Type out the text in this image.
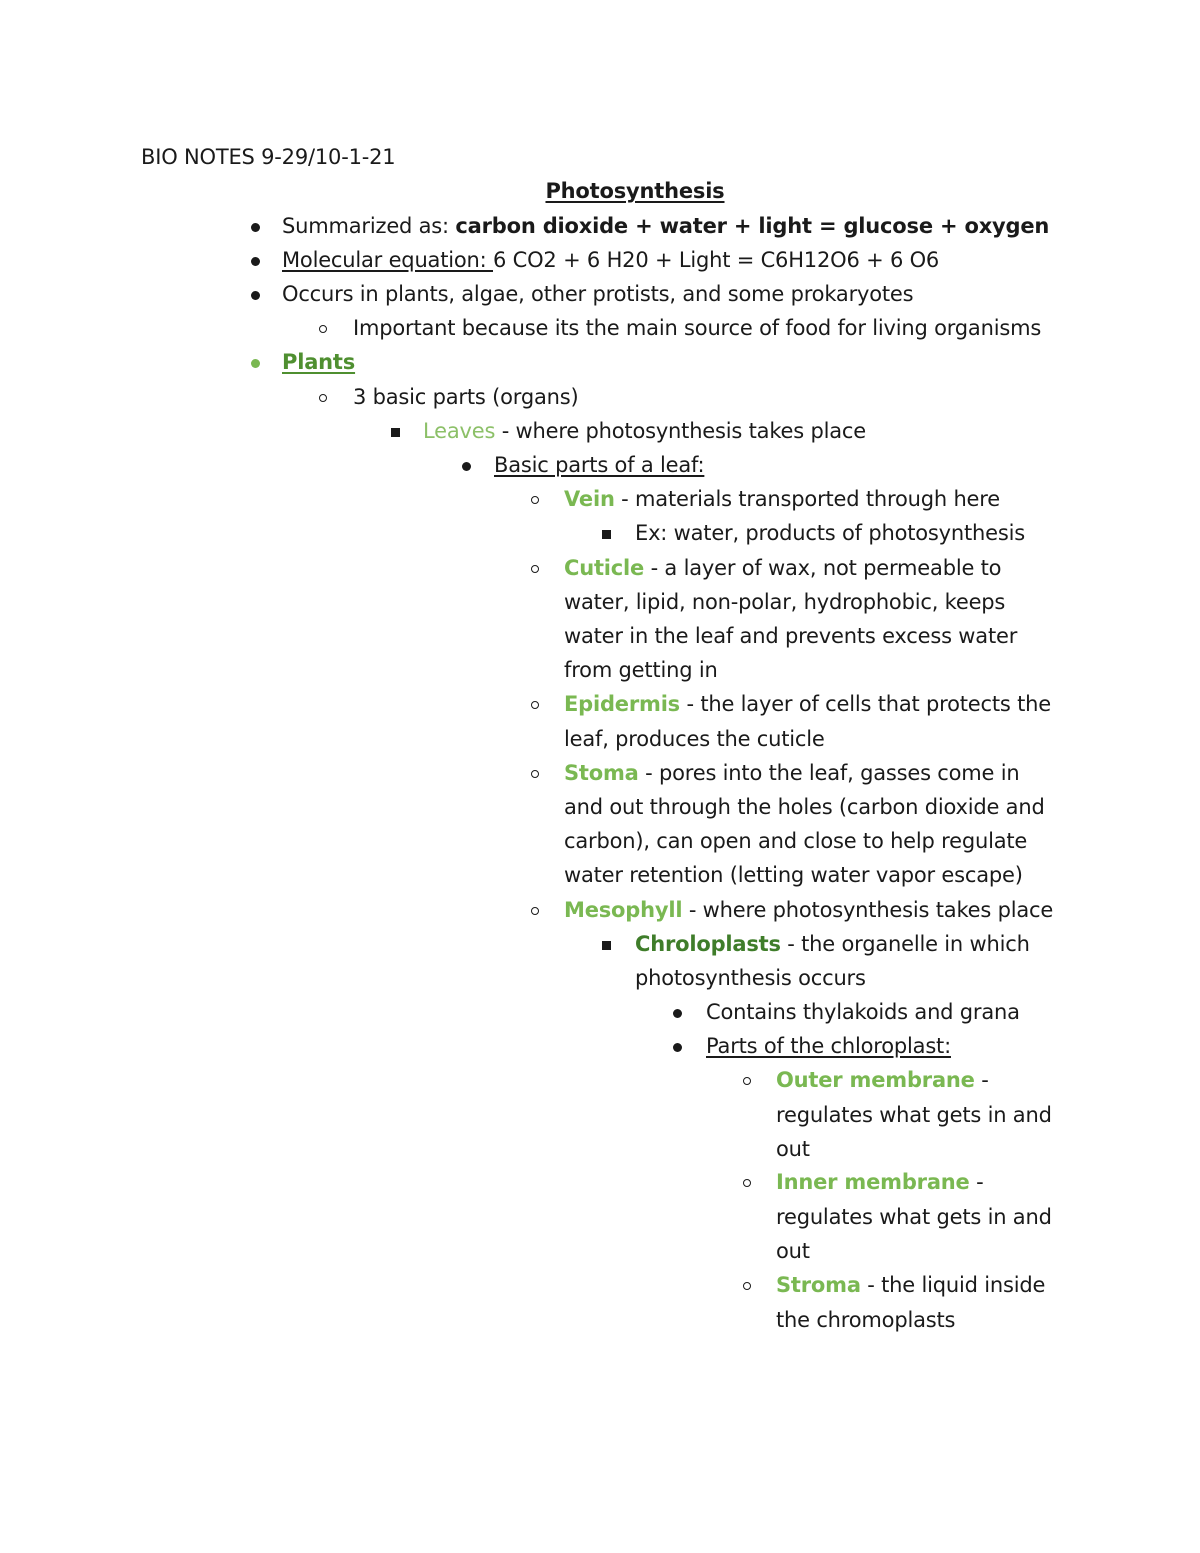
BIO NOTES 9-29/10-1-21
Photosynthesis
Summarized as: carbon dioxide + water + light = glucose + oxygen
Molecular equation: 6 CO2 + 6 H20 + Light = C6H12O6 + 6 O6
Occurs in plants, algae, other protists, and some prokaryotes
Important because its the main source of food for living organisms
Plants
3 basic parts (organs)
Leaves - where photosynthesis takes place
Basic parts of a leaf:
Vein - materials transported through here
Ex: water, products of photosynthesis
Cuticle - a layer of wax, not permeable to
water, lipid, non-polar, hydrophobic, keeps
water in the leaf and prevents excess water
from getting in
Epidermis - the layer of cells that protects the
leaf, produces the cuticle
Stoma - pores into the leaf, gasses come in
and out through the holes (carbon dioxide and
carbon), can open and close to help regulate
water retention (letting water vapor escape)
Mesophyll - where photosynthesis takes place
Chroloplasts - the organelle in which
photosynthesis occurs
Contains thylakoids and grana
Parts of the chloroplast:
Outer membrane -
regulates what gets in and
out
Inner membrane -
regulates what gets in and
out
Stroma - the liquid inside
the chromoplasts
